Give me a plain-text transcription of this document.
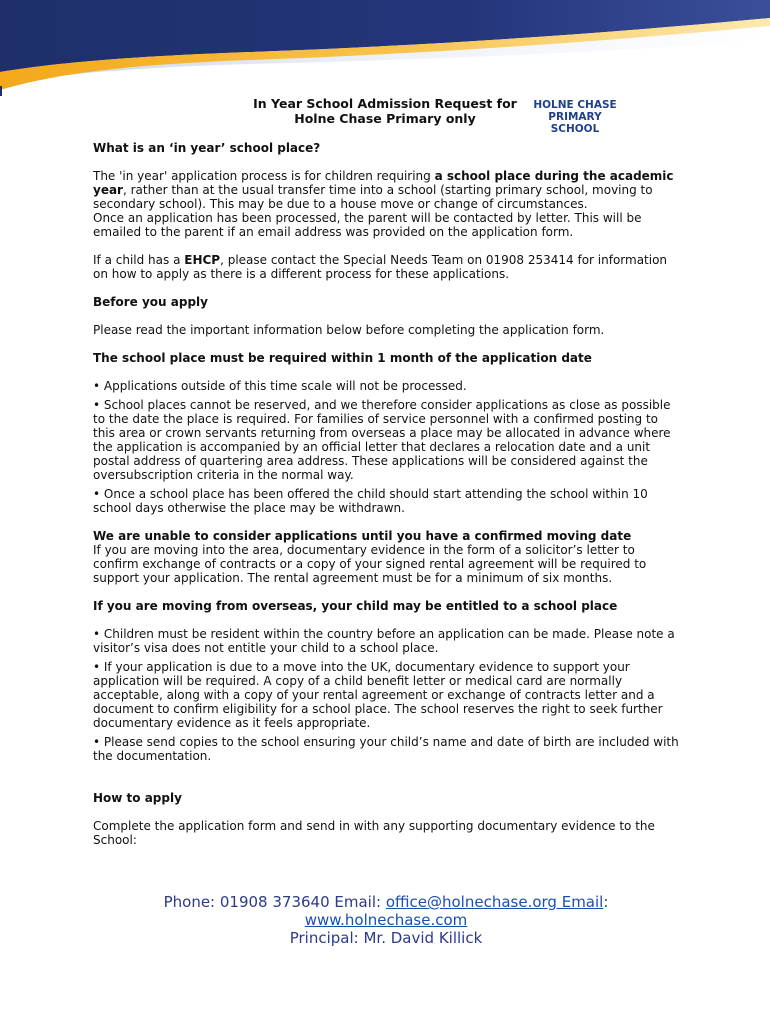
In Year School Admission Request for
Holne Chase Primary only
HOLNE CHASE
PRIMARY SCHOOL

What is an ‘in year’ school place?

The 'in year' application process is for children requiring a school place during the academic year, rather than at the usual transfer time into a school (starting primary school, moving to secondary school). This may be due to a house move or change of circumstances.

Once an application has been processed, the parent will be contacted by letter. This will be emailed to the parent if an email address was provided on the application form.

If a child has a EHCP, please contact the Special Needs Team on 01908 253414 for information on how to apply as there is a different process for these applications.

Before you apply

Please read the important information below before completing the application form.

The school place must be required within 1 month of the application date

• Applications outside of this time scale will not be processed.

• School places cannot be reserved, and we therefore consider applications as close as possible to the date the place is required. For families of service personnel with a confirmed posting to this area or crown servants returning from overseas a place may be allocated in advance where the application is accompanied by an official letter that declares a relocation date and a unit postal address of quartering area address. These applications will be considered against the oversubscription criteria in the normal way.

• Once a school place has been offered the child should start attending the school within 10 school days otherwise the place may be withdrawn.

We are unable to consider applications until you have a confirmed moving date

If you are moving into the area, documentary evidence in the form of a solicitor’s letter to confirm exchange of contracts or a copy of your signed rental agreement will be required to support your application. The rental agreement must be for a minimum of six months.

If you are moving from overseas, your child may be entitled to a school place

• Children must be resident within the country before an application can be made. Please note a visitor’s visa does not entitle your child to a school place.

• If your application is due to a move into the UK, documentary evidence to support your application will be required. A copy of a child benefit letter or medical card are normally acceptable, along with a copy of your rental agreement or exchange of contracts letter and a document to confirm eligibility for a school place. The school reserves the right to seek further documentary evidence as it feels appropriate.

• Please send copies to the school ensuring your child’s name and date of birth are included with the documentation.

How to apply

Complete the application form and send in with any supporting documentary evidence to the School:

Phone: 01908 373640 Email: office@holnechase.org Email:
www.holnechase.com
Principal: Mr. David Killick
